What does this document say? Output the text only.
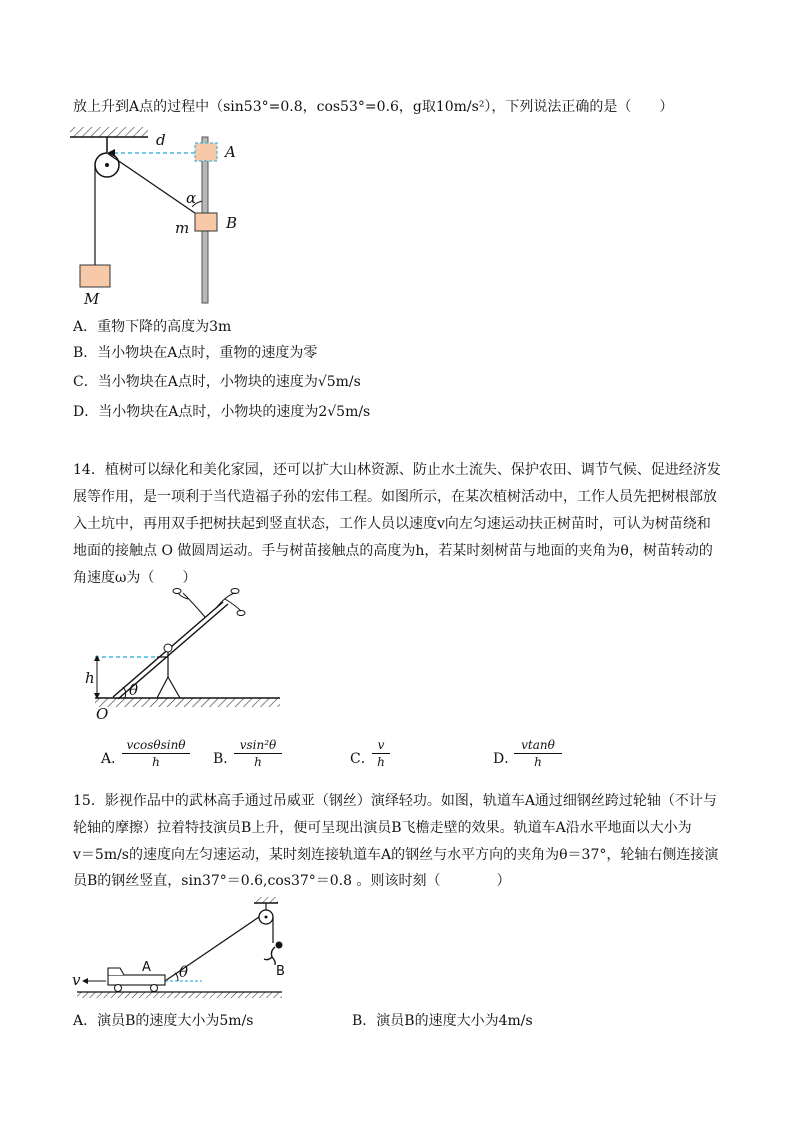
放上升到A点的过程中（sin53°=0.8，cos53°=0.6，g取10m/s²），下列说法正确的是（　　）
d
A
α
B
m
M
A．重物下降的高度为3m
B．当小物块在A点时，重物的速度为零
C．当小物块在A点时，小物块的速度为√5m/s
D．当小物块在A点时，小物块的速度为2√5m/s
14．植树可以绿化和美化家园，还可以扩大山林资源、防止水土流失、保护农田、调节气候、促进经济发
展等作用，是一项利于当代造福子孙的宏伟工程。如图所示，在某次植树活动中，工作人员先把树根部放
入土坑中，再用双手把树扶起到竖直状态，工作人员以速度v向左匀速运动扶正树苗时，可认为树苗绕和
地面的接触点 O 做圆周运动。手与树苗接触点的高度为h，若某时刻树苗与地面的夹角为θ，树苗转动的
角速度ω为（　　）
h
θ
O
A．
$\frac{vcos\theta\sin\theta}{h}$ B．
$\frac{\text{vsin²θ}}{h}$	C．
$\frac{v}{h}$	D．
$\frac{vtan\theta}{h}$
15．影视作品中的武林高手通过吊威亚（钢丝）演绎轻功。如图，轨道车A通过细钢丝跨过轮轴（不计与
轮轴的摩擦）拉着特技演员B上升，便可呈现出演员B飞檐走壁的效果。轨道车A沿水平地面以大小为
v＝5m/s的速度向左匀速运动，某时刻连接轨道车A的钢丝与水平方向的夹角为θ＝37°，轮轴右侧连接演
员B的钢丝竖直，sin37°＝0.6,cos37°＝0.8 。则该时刻（　　　　）
v
A θ	B
A．演员B的速度大小为5m/s	B．演员B的速度大小为4m/s
